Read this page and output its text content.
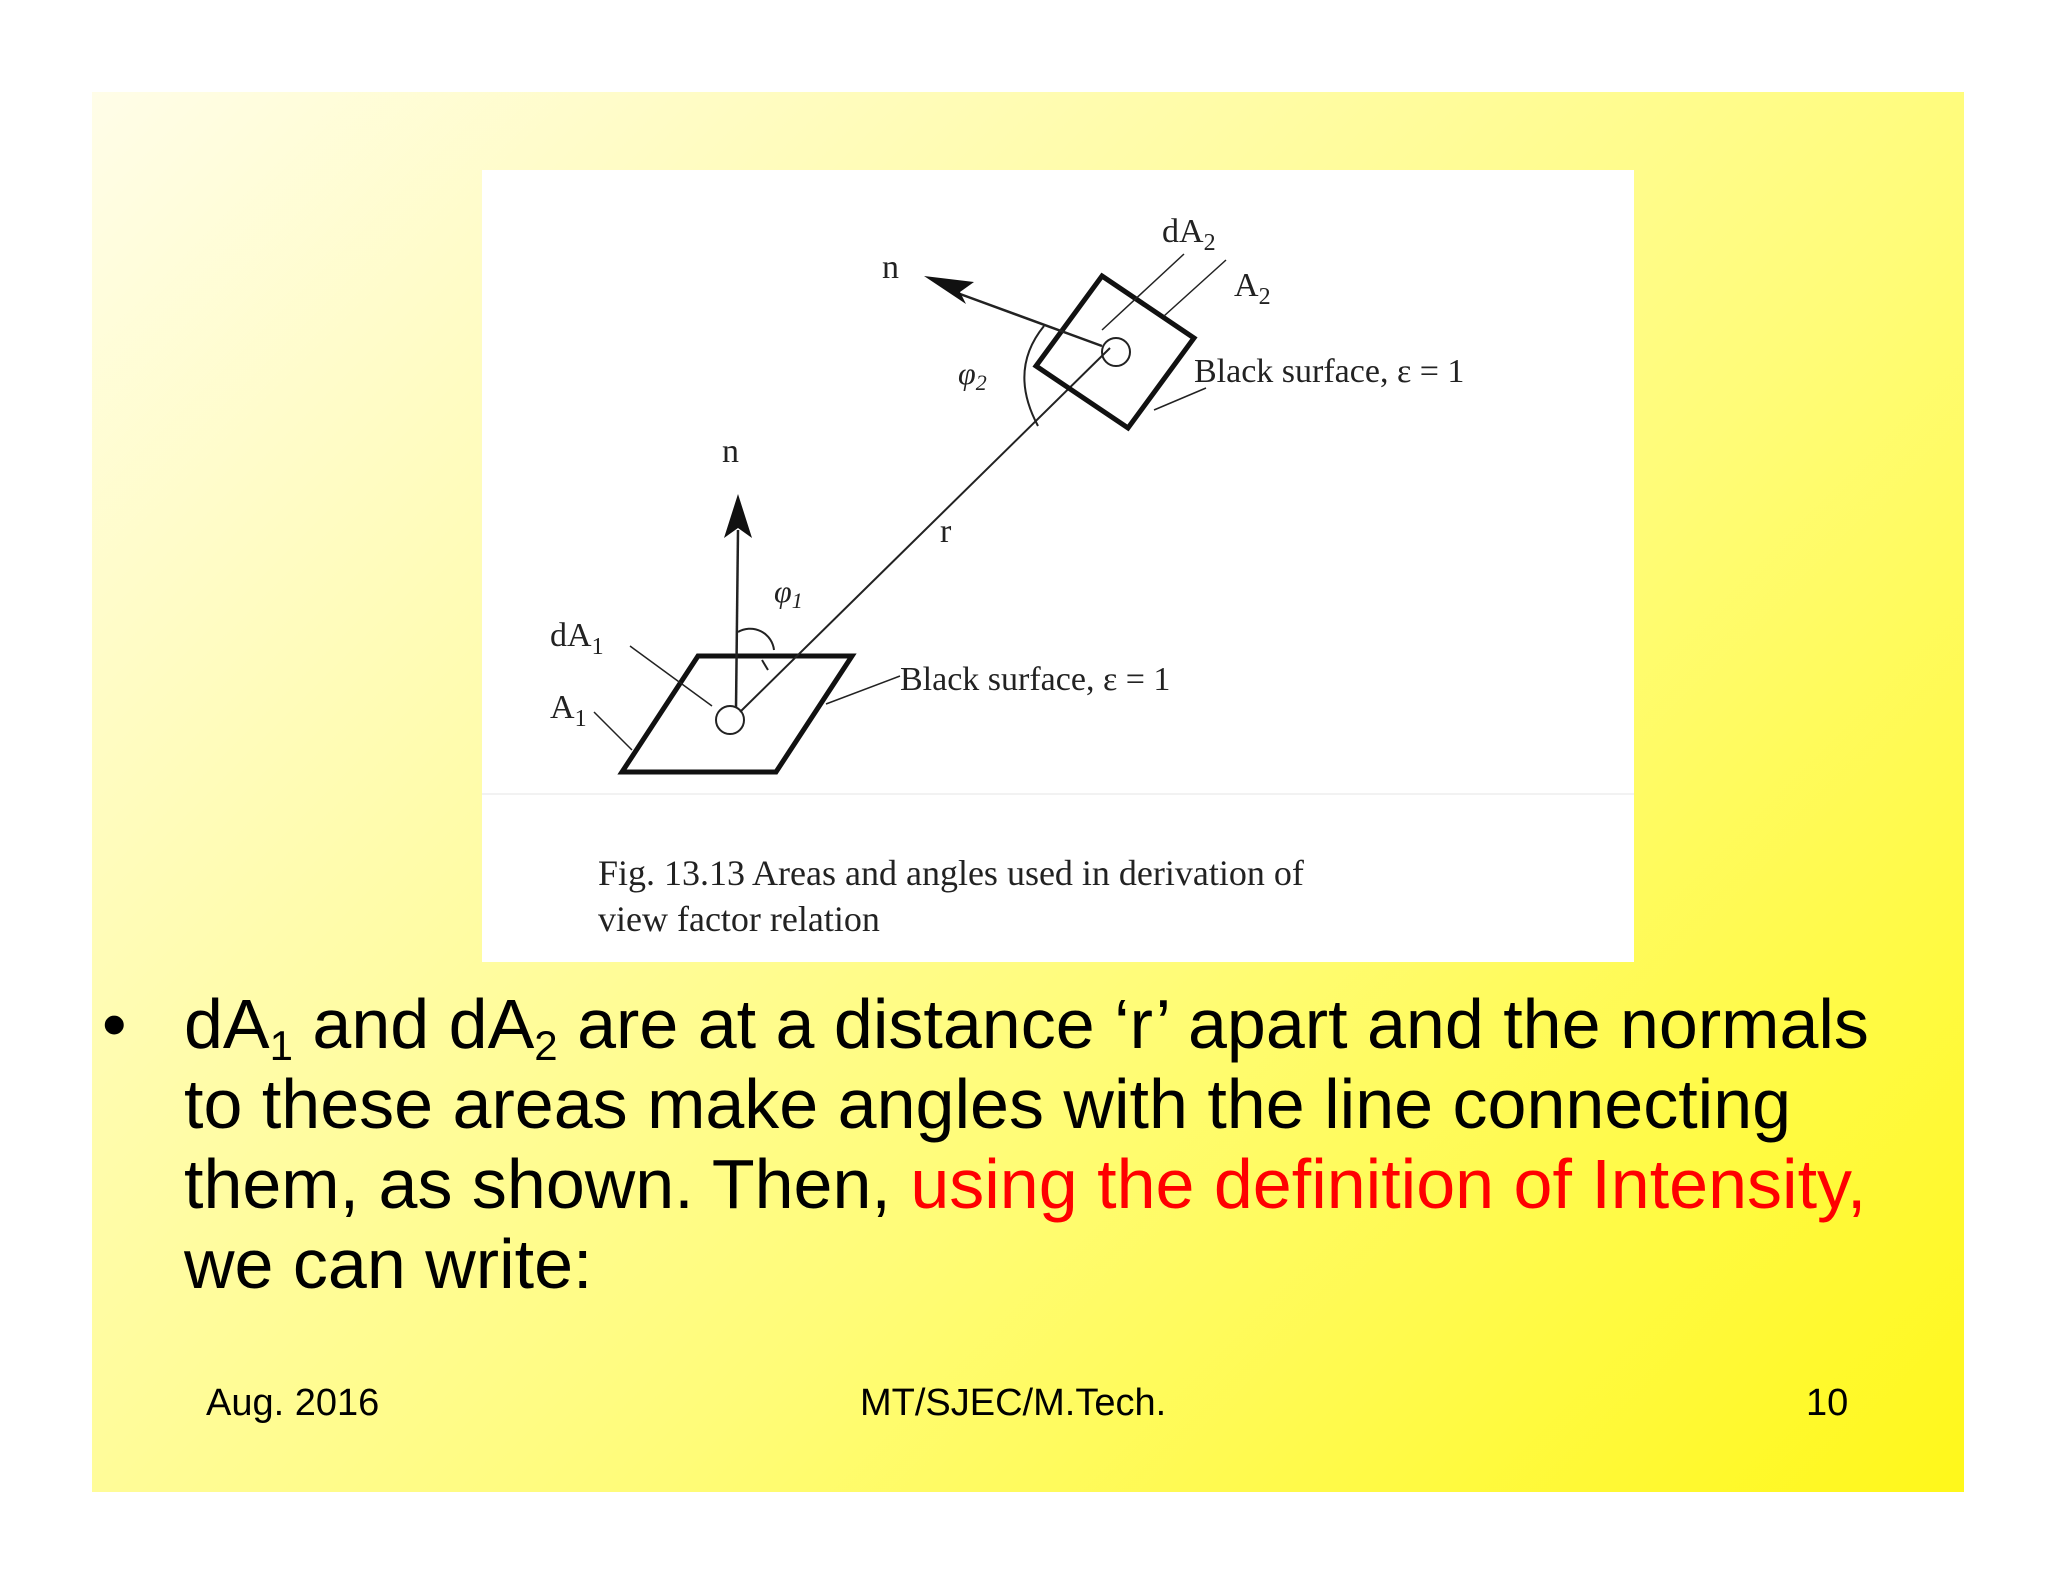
n
$dA_2$
$A_2$
φ2	Black surface, ε = 1
n
r
φ1
$dA_1$
$A_1$
Black surface, ε = 1

Fig. 13.13 Areas and angles used in derivation of
view factor relation

• $dA_1$ and $dA_2$ are at a distance ‘r’ apart and the normals to these areas make angles with the line connecting them, as shown. Then, using the definition of Intensity, we can write:
Aug. 2016	MT/SJEC/M.Tech.	10
